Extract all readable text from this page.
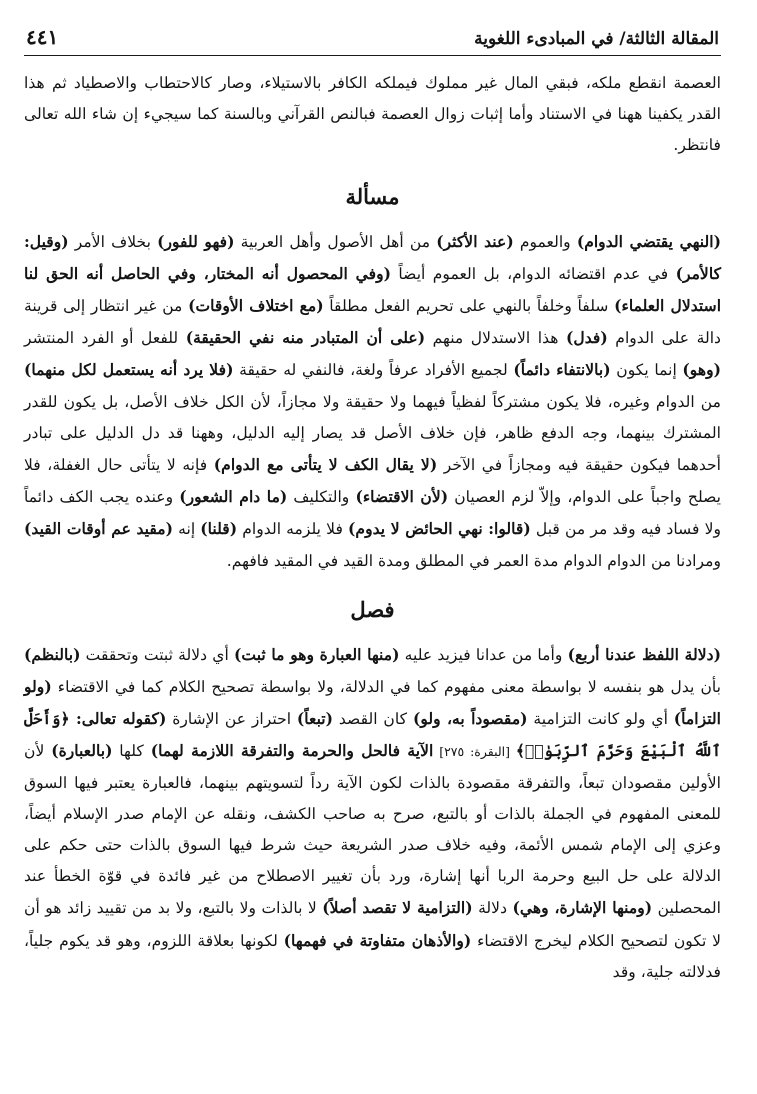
المقالة الثالثة/ في المبادىء اللغوية
٤٤١

العصمة انقطع ملكه، فبقي المال غير مملوك فيملكه الكافر بالاستيلاء، وصار كالاحتطاب والاصطياد ثم هذا القدر يكفينا ههنا في الاستناد وأما إثبات زوال العصمة فبالنص القرآني وبالسنة كما سيجيء إن شاء الله تعالى فانتظر.

مسألة

(النهي يقتضي الدوام) والعموم (عند الأكثر) من أهل الأصول وأهل العربية (فهو للفور) بخلاف الأمر (وقيل: كالأمر) في عدم اقتضائه الدوام، بل العموم أيضاً (وفي المحصول أنه المختار، وفي الحاصل أنه الحق لنا استدلال العلماء) سلفاً وخلفاً بالنهي على تحريم الفعل مطلقاً (مع اختلاف الأوقات) من غير انتظار إلى قرينة دالة على الدوام (فدل) هذا الاستدلال منهم (على أن المتبادر منه نفي الحقيقة) للفعل أو الفرد المنتشر (وهو) إنما يكون (بالانتفاء دائماً) لجميع الأفراد عرفاً ولغة، فالنفي له حقيقة (فلا يرد أنه يستعمل لكل منهما) من الدوام وغيره، فلا يكون مشتركاً لفظياً فيهما ولا حقيقة ولا مجازاً، لأن الكل خلاف الأصل، بل يكون للقدر المشترك بينهما، وجه الدفع ظاهر، فإن خلاف الأصل قد يصار إليه الدليل، وههنا قد دل الدليل على تبادر أحدهما فيكون حقيقة فيه ومجازاً في الآخر (لا يقال الكف لا يتأتى مع الدوام) فإنه لا يتأتى حال الغفلة، فلا يصلح واجباً على الدوام، وإلاّ لزم العصيان (لأن الاقتضاء) والتكليف (ما دام الشعور) وعنده يجب الكف دائماً ولا فساد فيه وقد مر من قبل (قالوا: نهي الحائض لا يدوم) فلا يلزمه الدوام (قلنا) إنه (مقيد عم أوقات القيد) ومرادنا من الدوام الدوام مدة العمر في المطلق ومدة القيد في المقيد فافهم.

فصل

(دلالة اللفظ عندنا أربع) وأما من عدانا فيزيد عليه (منها العبارة وهو ما ثبت) أي دلالة ثبتت وتحققت (بالنظم) بأن يدل هو بنفسه لا بواسطة معنى مفهوم كما في الدلالة، ولا بواسطة تصحيح الكلام كما في الاقتضاء (ولو التزاماً) أي ولو كانت التزامية (مقصوداً به، ولو) كان القصد (تبعاً) احتراز عن الإشارة (كقوله تعالى: ﴿وَأَحَلَّ ٱللَّهُ ٱلْبَيْعَ وَحَرَّمَ ٱلرِّبَوٰا۟﴾ [البقرة: ٢٧٥] الآية فالحل والحرمة والتفرقة اللازمة لهما) كلها (بالعبارة) لأن الأولين مقصودان تبعاً، والتفرقة مقصودة بالذات لكون الآية رداً لتسويتهم بينهما، فالعبارة يعتبر فيها السوق للمعنى المفهوم في الجملة بالذات أو بالتبع، صرح به صاحب الكشف، ونقله عن الإمام صدر الإسلام أيضاً، وعزي إلى الإمام شمس الأئمة، وفيه خلاف صدر الشريعة حيث شرط فيها السوق بالذات حتى حكم على الدلالة على حل البيع وحرمة الربا أنها إشارة، ورد بأن تغيير الاصطلاح من غير فائدة في قوّة الخطأ عند المحصلين (ومنها الإشارة، وهي) دلالة (التزامية لا تقصد أصلاً) لا بالذات ولا بالتبع، ولا بد من تقييد زائد هو أن لا تكون لتصحيح الكلام ليخرج الاقتضاء (والأذهان متفاوتة في فهمها) لكونها بعلاقة اللزوم، وهو قد يكوم جلياً، فدلالته جلية، وقد
